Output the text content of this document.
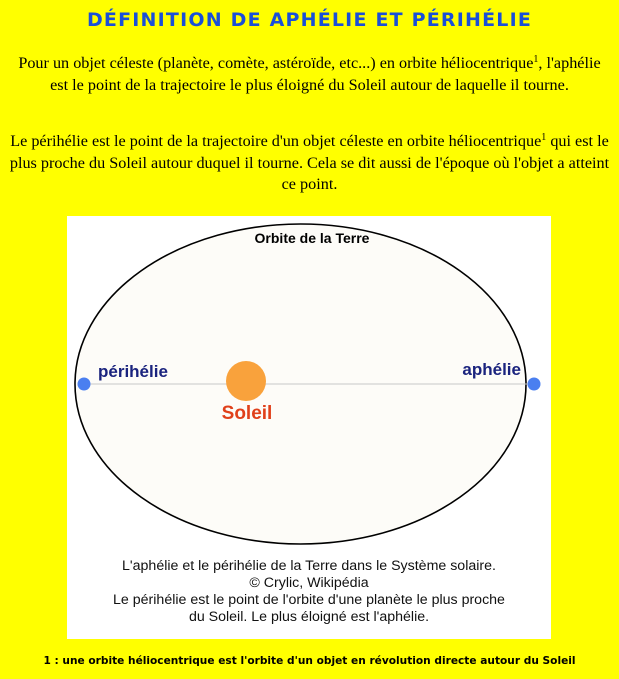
DÉFINITION DE APHÉLIE ET PÉRIHÉLIE
Pour un objet céleste (planète, comète, astéroïde, etc...) en orbite héliocentrique$^1$, l'aphélie est le point de la trajectoire le plus éloigné du Soleil autour de laquelle il tourne.
Le périhélie est le point de la trajectoire d'un objet céleste en orbite héliocentrique$^1$ qui est le plus proche du Soleil autour duquel il tourne. Cela se dit aussi de l'époque où l'objet a atteint ce point.
Orbite de la Terre
Soleil
périhélie	aphélie
L'aphélie et le périhélie de la Terre dans le Système solaire.
© Crylic, Wikipédia
Le périhélie est le point de l'orbite d'une planète le plus proche
du Soleil. Le plus éloigné est l'aphélie.
1 : une orbite héliocentrique est l'orbite d'un objet en révolution directe autour du Soleil
